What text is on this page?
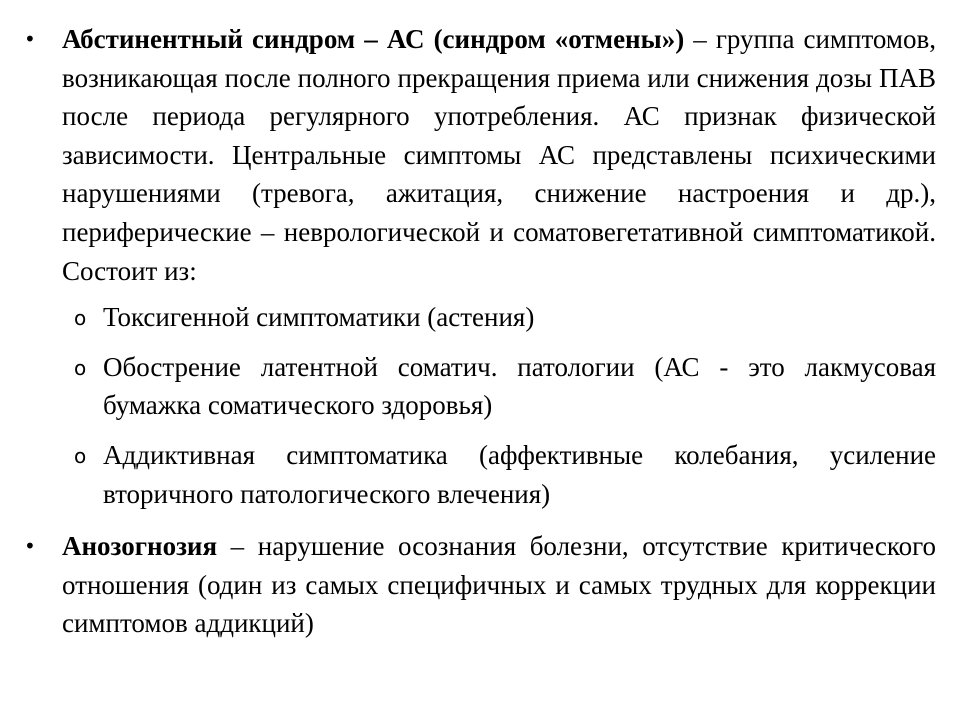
• Абстинентный синдром – АС (синдром «отмены») – группа симптомов, возникающая после полного прекращения приема или снижения дозы ПАВ после периода регулярного употребления. АС признак физической зависимости. Центральные симптомы АС представлены психическими нарушениями (тревога, ажитация, снижение настроения и др.), периферические – неврологической и соматовегетативной симптоматикой. Состоит из:
o Токсигенной симптоматики (астения)
o Обострение латентной соматич. патологии (АС - это лакмусовая бумажка соматического здоровья)
o Аддиктивная симптоматика (аффективные колебания, усиление вторичного патологического влечения)
• Анозогнозия – нарушение осознания болезни, отсутствие критического отношения (один из самых специфичных и самых трудных для коррекции симптомов аддикций)
